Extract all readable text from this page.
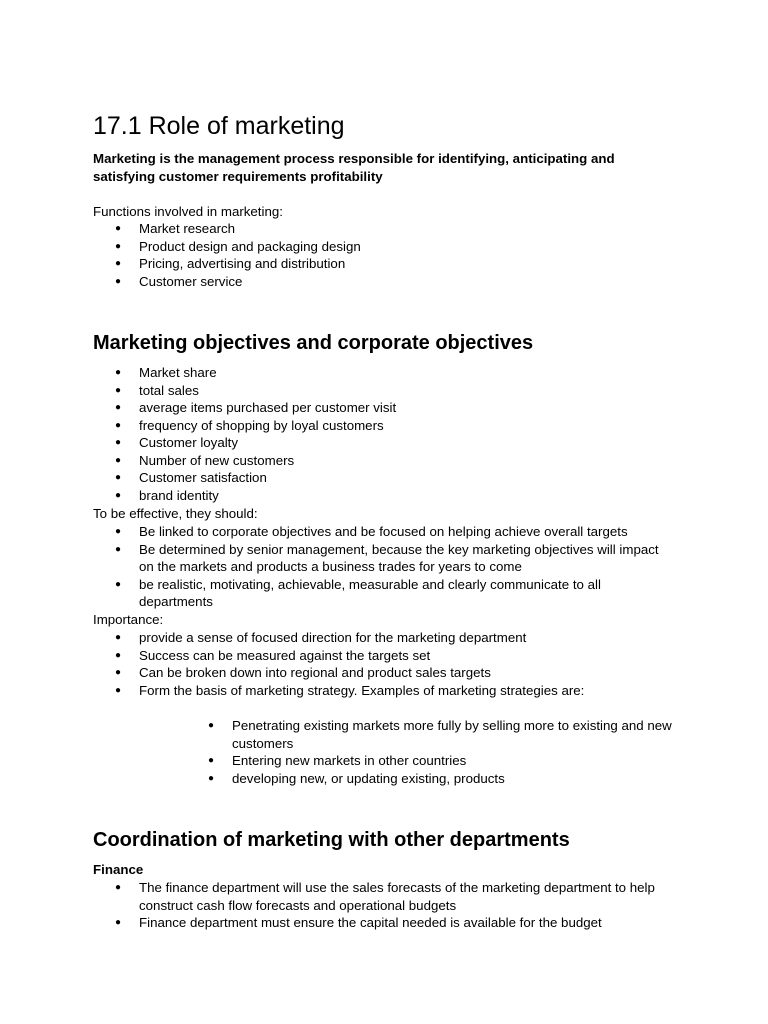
17.1 Role of marketing

Marketing is the management process responsible for identifying, anticipating and satisfying customer requirements profitability

Functions involved in marketing:

● Market research
● Product design and packaging design
● Pricing, advertising and distribution
● Customer service
Marketing objectives and corporate objectives
● Market share
● total sales
● average items purchased per customer visit
● frequency of shopping by loyal customers
● Customer loyalty
● Number of new customers
● Customer satisfaction
● brand identity

To be effective, they should:

● Be linked to corporate objectives and be focused on helping achieve overall targets
● Be determined by senior management, because the key marketing objectives will impact on the markets and products a business trades for years to come
● be realistic, motivating, achievable, measurable and clearly communicate to all departments

Importance:

● provide a sense of focused direction for the marketing department
● Success can be measured against the targets set
● Can be broken down into regional and product sales targets
● Form the basis of marketing strategy. Examples of marketing strategies are:
● Penetrating existing markets more fully by selling more to existing and new customers
● Entering new markets in other countries
● developing new, or updating existing, products
Coordination of marketing with other departments

Finance

● The finance department will use the sales forecasts of the marketing department to help construct cash flow forecasts and operational budgets
● Finance department must ensure the capital needed is available for the budget
